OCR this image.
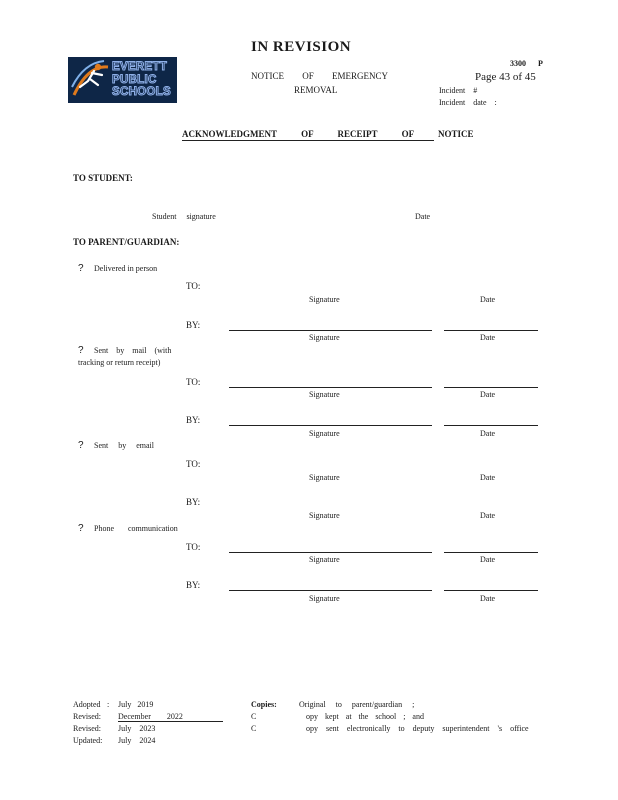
IN REVISION
EVERETT
PUBLIC
SCHOOLS
NOTICE OF EMERGENCY
REMOVAL
3300 P
Page 43 of 45
Incident #
Incident date :
ACKNOWLEDGMENT OF RECEIPT OF NOTICE
TO STUDENT:
Student signature	Date
TO PARENT/GUARDIAN:
? Delivered in person
TO:
Signature	Date
BY:
Signature	Date
? Sent by mail (with
tracking or return receipt)
TO:
Signature	Date
BY:
Signature	Date
? Sent by email
TO:
Signature	Date
BY:
Signature	Date
? Phone communication
TO:
Signature	Date
BY:
Signature	Date
Adopted : July 2019
Revised: December 2022
Revised: July 2023
Updated: July 2024
Copies:	Original to parent/guardian ;
C	opy kept at the school ; and
C	opy sent electronically to deputy superintendent 's office
